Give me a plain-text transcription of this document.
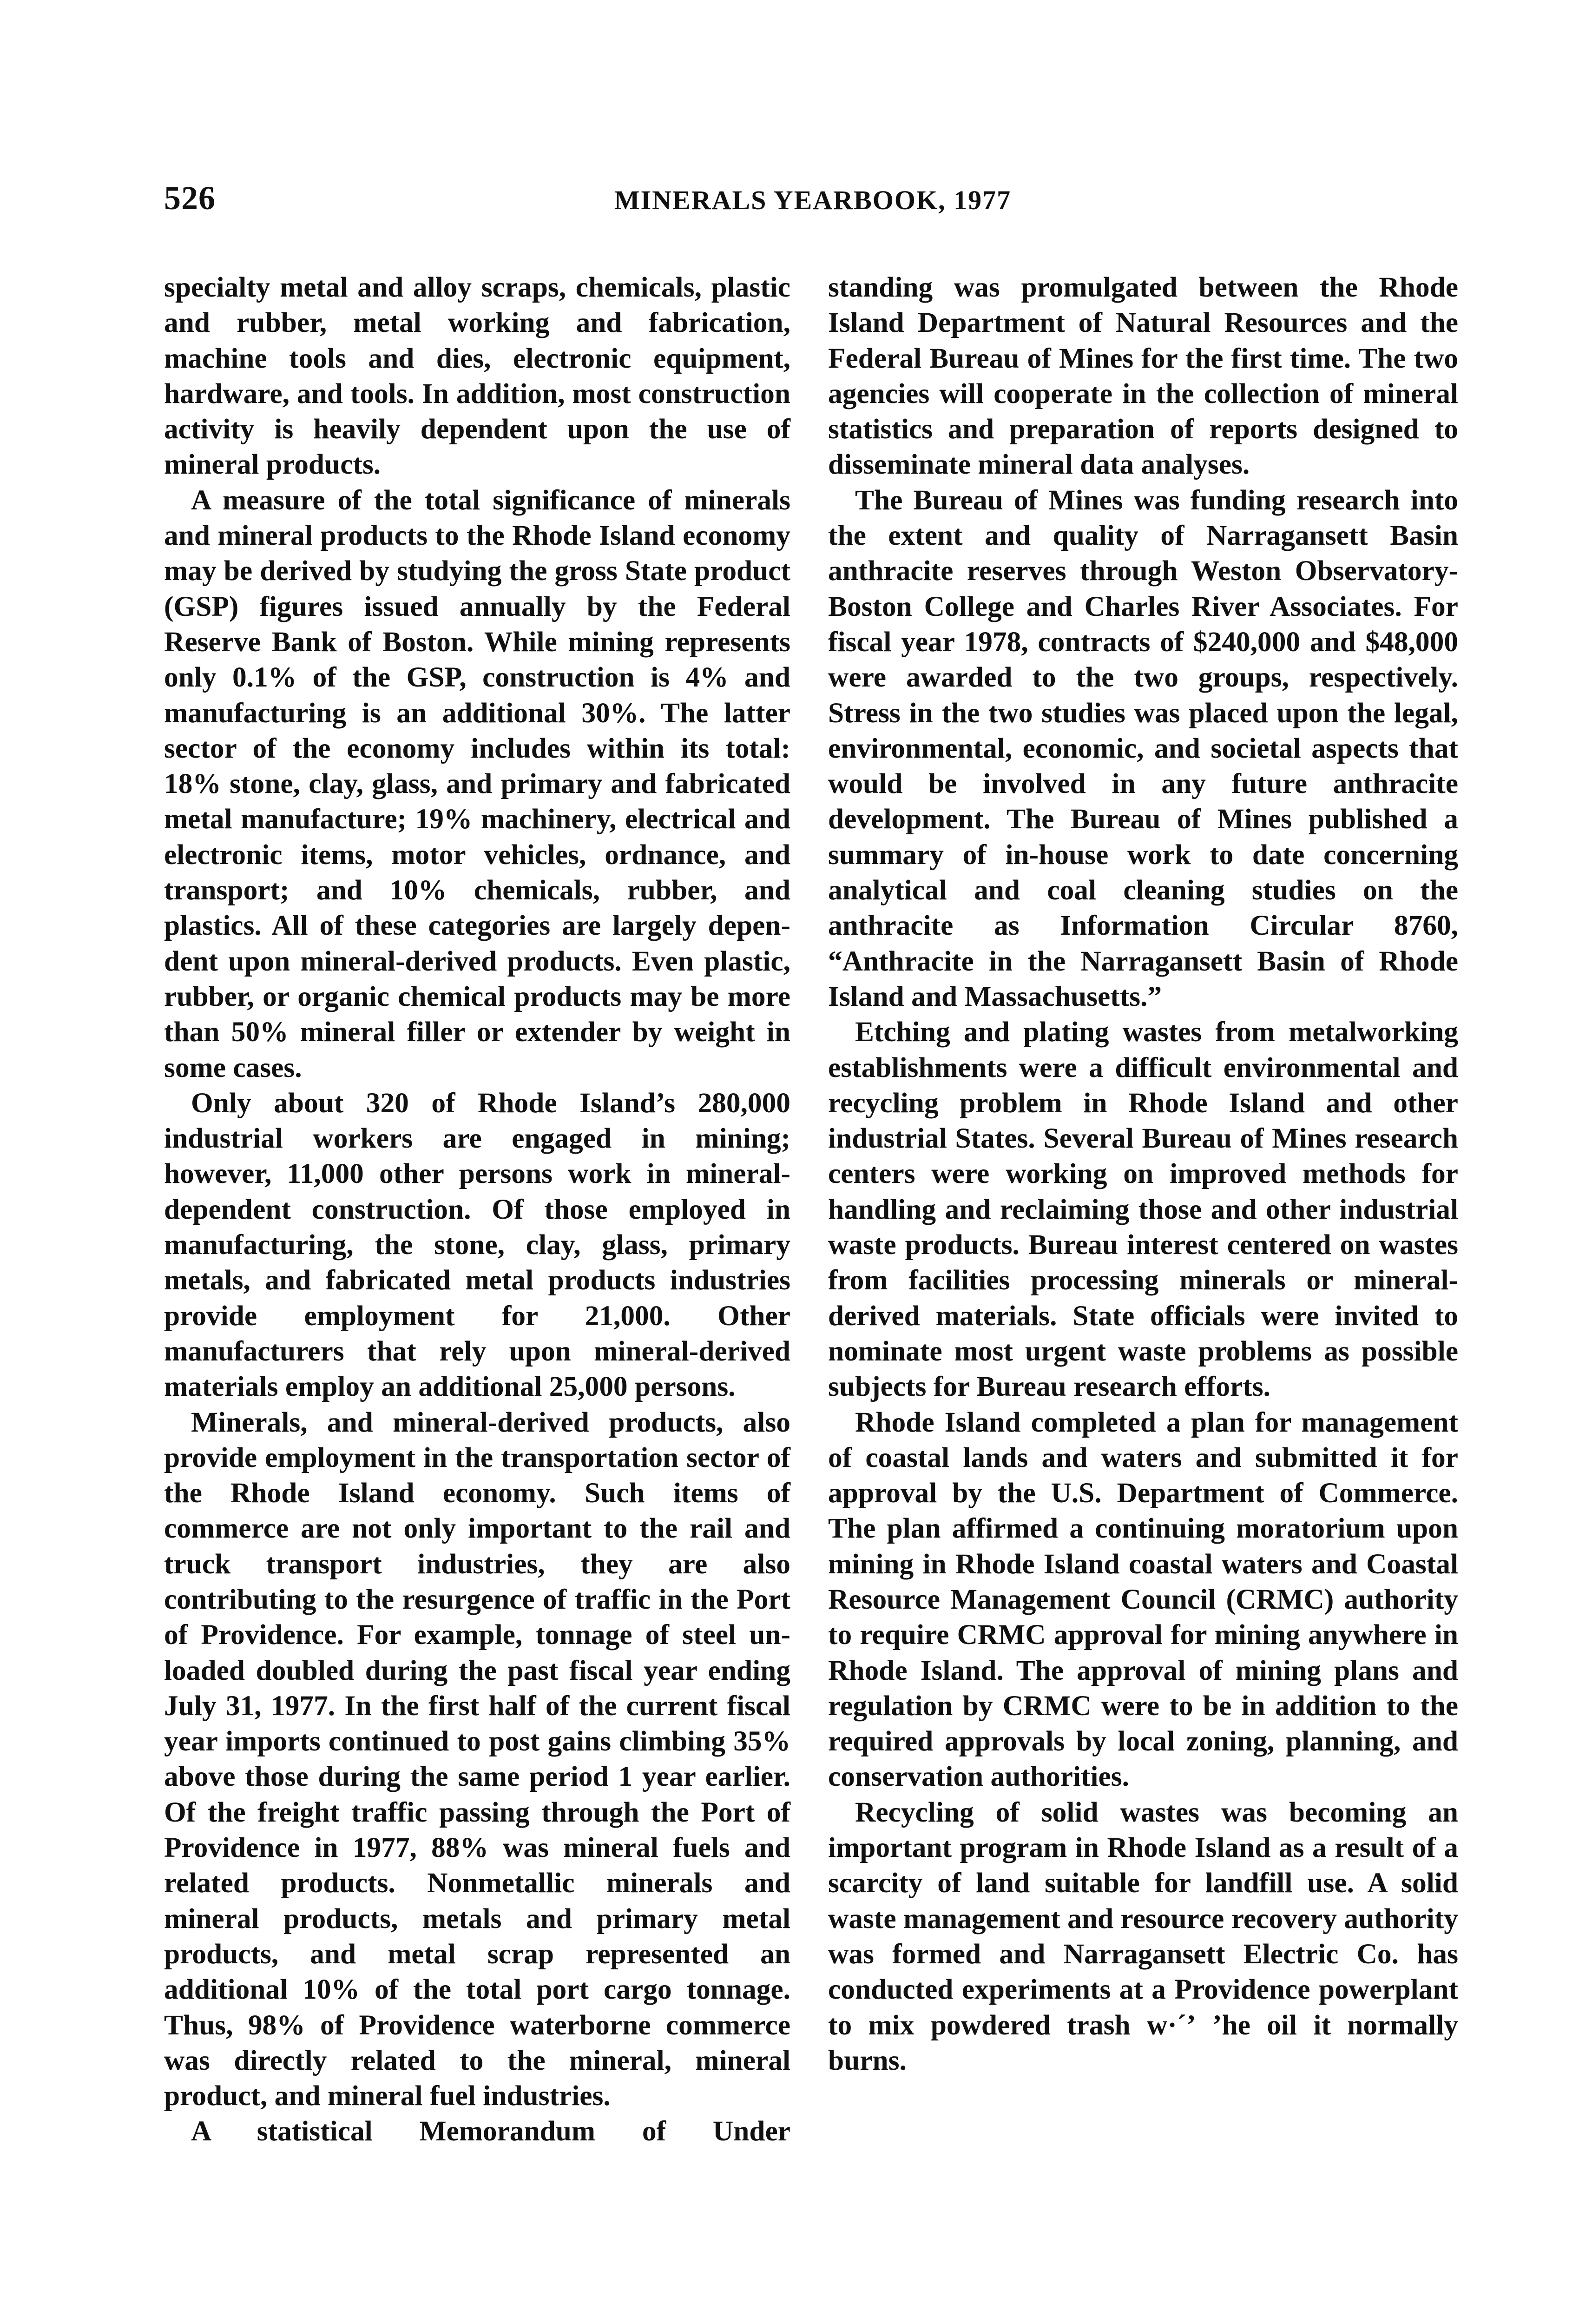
526	MINERALS YEARBOOK, 1977

specialty metal and alloy scraps, chemicals, plastic and rubber, metal working and fabrication, machine tools and dies, electronic equipment, hardware, and tools. In addition, most construction activity is heavily dependent upon the use of mineral products.

A measure of the total significance of minerals and mineral products to the Rhode Island economy may be derived by studying the gross State product (GSP) figures issued annually by the Federal Reserve Bank of Boston. While mining represents only 0.1% of the GSP, construction is 4% and manufacturing is an additional 30%. The latter sector of the economy includes within its total: 18% stone, clay, glass, and primary and fabricated metal manufacture; 19% machinery, electrical and electronic items, motor vehicles, ordnance, and transport; and 10% chemicals, rubber, and plastics. All of these categories are largely dependent upon mineral-derived products. Even plastic, rubber, or organic chemical products may be more than 50% mineral filler or extender by weight in some cases.

Only about 320 of Rhode Island’s 280,000 industrial workers are engaged in mining; however, 11,000 other persons work in mineral-dependent construction. Of those employed in manufacturing, the stone, clay, glass, primary metals, and fabricated metal products industries provide employment for 21,000. Other manufacturers that rely upon mineral-derived materials employ an additional 25,000 persons.

Minerals, and mineral-derived products, also provide employment in the transportation sector of the Rhode Island economy. Such items of commerce are not only important to the rail and truck transport industries, they are also contributing to the resurgence of traffic in the Port of Providence. For example, tonnage of steel unloaded doubled during the past fiscal year ending July 31, 1977. In the first half of the current fiscal year imports continued to post gains climbing 35% above those during the same period 1 year earlier. Of the freight traffic passing through the Port of Providence in 1977, 88% was mineral fuels and related products. Nonmetallic minerals and mineral products, metals and primary metal products, and metal scrap represented an additional 10% of the total port cargo tonnage. Thus, 98% of Providence waterborne commerce was directly related to the mineral, mineral product, and mineral fuel industries.

A statistical Memorandum of Under

standing was promulgated between the Rhode Island Department of Natural Resources and the Federal Bureau of Mines for the first time. The two agencies will cooperate in the collection of mineral statistics and preparation of reports designed to disseminate mineral data analyses.

The Bureau of Mines was funding research into the extent and quality of Narragansett Basin anthracite reserves through Weston Observatory-Boston College and Charles River Associates. For fiscal year 1978, contracts of $240,000 and $48,000 were awarded to the two groups, respectively. Stress in the two studies was placed upon the legal, environmental, economic, and societal aspects that would be involved in any future anthracite development. The Bureau of Mines published a summary of in-house work to date concerning analytical and coal cleaning studies on the anthracite as Information Circular 8760, “Anthracite in the Narragansett Basin of Rhode Island and Massachusetts.”

Etching and plating wastes from metalworking establishments were a difficult environmental and recycling problem in Rhode Island and other industrial States. Several Bureau of Mines research centers were working on improved methods for handling and reclaiming those and other industrial waste products. Bureau interest centered on wastes from facilities processing minerals or mineral-derived materials. State officials were invited to nominate most urgent waste problems as possible subjects for Bureau research efforts.

Rhode Island completed a plan for management of coastal lands and waters and submitted it for approval by the U.S. Department of Commerce. The plan affirmed a continuing moratorium upon mining in Rhode Island coastal waters and Coastal Resource Management Council (CRMC) authority to require CRMC approval for mining anywhere in Rhode Island. The approval of mining plans and regulation by CRMC were to be in addition to the required approvals by local zoning, planning, and conservation authorities.

Recycling of solid wastes was becoming an important program in Rhode Island as a result of a scarcity of land suitable for landfill use. A solid waste management and resource recovery authority was formed and Narragansett Electric Co. has conducted experiments at a Providence powerplant to mix powdered trash w·´ʼ ʼhe oil it normally burns.
